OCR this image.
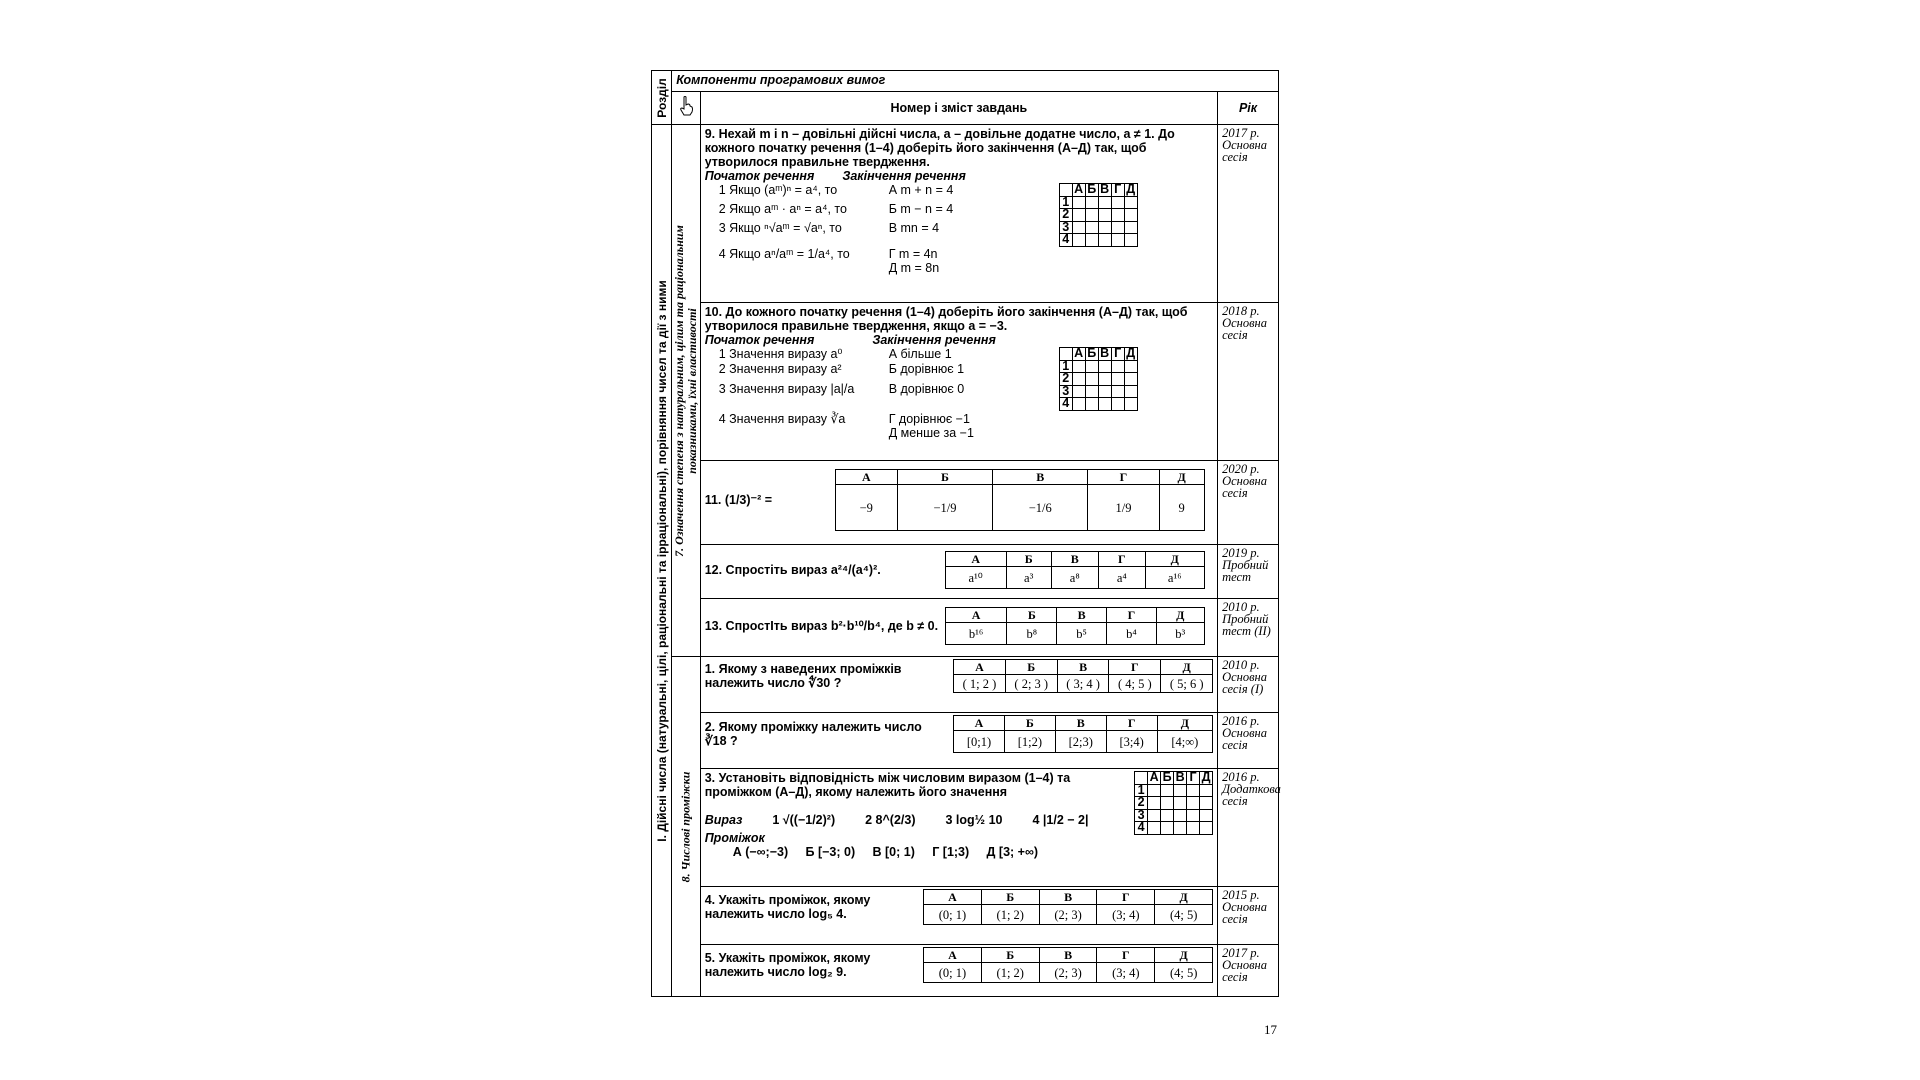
Розділ	Компоненти програмових вимог
	Номер і зміст завдань	Рік

І. Дійсні числа (натуральні, цілі, раціональні та ірраціональні), порівняння чисел та дії з ними	7. Означення степеня з натуральним, цілим та раціональним
показниками, їхні властивості

9. Нехай m і n – довільні дійсні числа, a – довільне додатне число, a ≠ 1. До кожного початку речення (1–4) доберіть його закінчення (А–Д) так, щоб утворилося правильне твердження.
Початок речення Закінчення речення
1 Якщо (aᵐ)ⁿ = a⁴, то
2 Якщо aᵐ · aⁿ = a⁴, то
3 Якщо ⁿ√aᵐ = √aⁿ, то
4 Якщо aⁿ/aᵐ = 1/a⁴, то
А m + n = 4
Б m − n = 4
В mn = 4
Г m = 4n
Д m = 8n
	А	Б	В	Г	Д
1					
2					
3					
4					
	2017 р. Основна сесія

10. До кожного початку речення (1–4) доберіть його закінчення (А–Д) так, щоб утворилося правильне твердження, якщо a = −3.
Початок речення	Закінчення речення
1 Значення виразу a⁰
2 Значення виразу a²
3 Значення виразу |a|/a
4 Значення виразу ∛a
А більше 1
Б дорівнює 1
В дорівнює 0
Г дорівнює −1
Д менше за −1
	А	Б	В	Г	Д
1					
2					
3					
4					
	2018 р. Основна сесія

11. (1/3)⁻² =
А	Б	В	Г	Д
−9	−1/9	−1/6	1/9	9
	2020 р. Основна сесія

12. Спростіть вираз a²⁴/(a⁴)².
А	Б	В	Г	Д
a¹⁰	a³	a⁸	a⁴	a¹⁶
	2019 р. Пробний тест

13. СпростІть вираз b²·b¹⁰/b⁴, де b ≠ 0.
А	Б	В	Г	Д
b¹⁶	b⁸	b⁵	b⁴	b³
	2010 р. Пробний тест (ІІ)

8. Числові проміжки

1. Якому з наведених проміжків належить число ∜30 ?
А	Б	В	Г	Д
( 1; 2 )	( 2; 3 )	( 3; 4 )	( 4; 5 )	( 5; 6 )
	2010 р. Основна сесія (І)

2. Якому проміжку належить число ∛18 ?
А	Б	В	Г	Д
[0;1)	[1;2)	[2;3)	[3;4)	[4;∞)
	2016 р. Основна сесія

3. Установіть відповідність між числовим виразом (1–4) та проміжком (А–Д), якому належить його значення
	А	Б	В	Г	Д
1					
2					
3					
4					
Вираз 1 √((−1/2)²) 2 8^(2/3) 3 log½ 10 4 |1/2 − 2|
Проміжок
А (−∞;−3)     Б [−3; 0)     В [0; 1)     Г [1;3)     Д [3; +∞)
	2016 р. Додаткова сесія

4. Укажіть проміжок, якому належить число log₅ 4.
А	Б	В	Г	Д
(0; 1)	(1; 2)	(2; 3)	(3; 4)	(4; 5)
	2015 р. Основна сесія

5. Укажіть проміжок, якому належить число log₂ 9.
А	Б	В	Г	Д
(0; 1)	(1; 2)	(2; 3)	(3; 4)	(4; 5)
	2017 р. Основна сесія
17
